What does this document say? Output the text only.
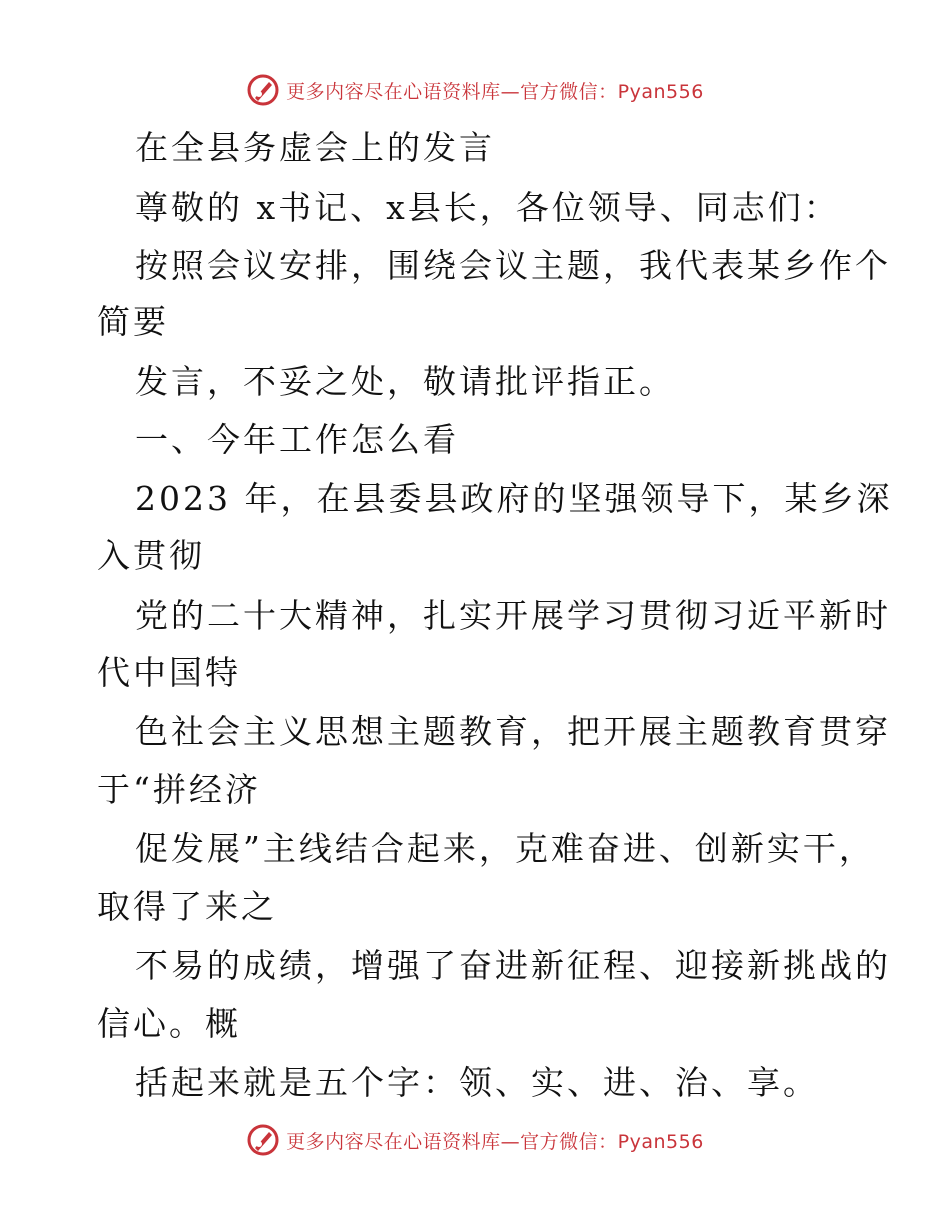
更多内容尽在心语资料库—官方微信：Pyan556
在全县务虚会上的发言
尊敬的 x书记、x县长，各位领导、同志们：
按照会议安排，围绕会议主题，我代表某乡作个
简要
发言，不妥之处，敬请批评指正。
一、今年工作怎么看
2023 年，在县委县政府的坚强领导下，某乡深
入贯彻
党的二十大精神，扎实开展学习贯彻习近平新时
代中国特
色社会主义思想主题教育，把开展主题教育贯穿
于“拼经济
促发展”主线结合起来，克难奋进、创新实干，
取得了来之
不易的成绩，增强了奋进新征程、迎接新挑战的
信心。概
括起来就是五个字：领、实、进、治、享。
更多内容尽在心语资料库—官方微信：Pyan556
